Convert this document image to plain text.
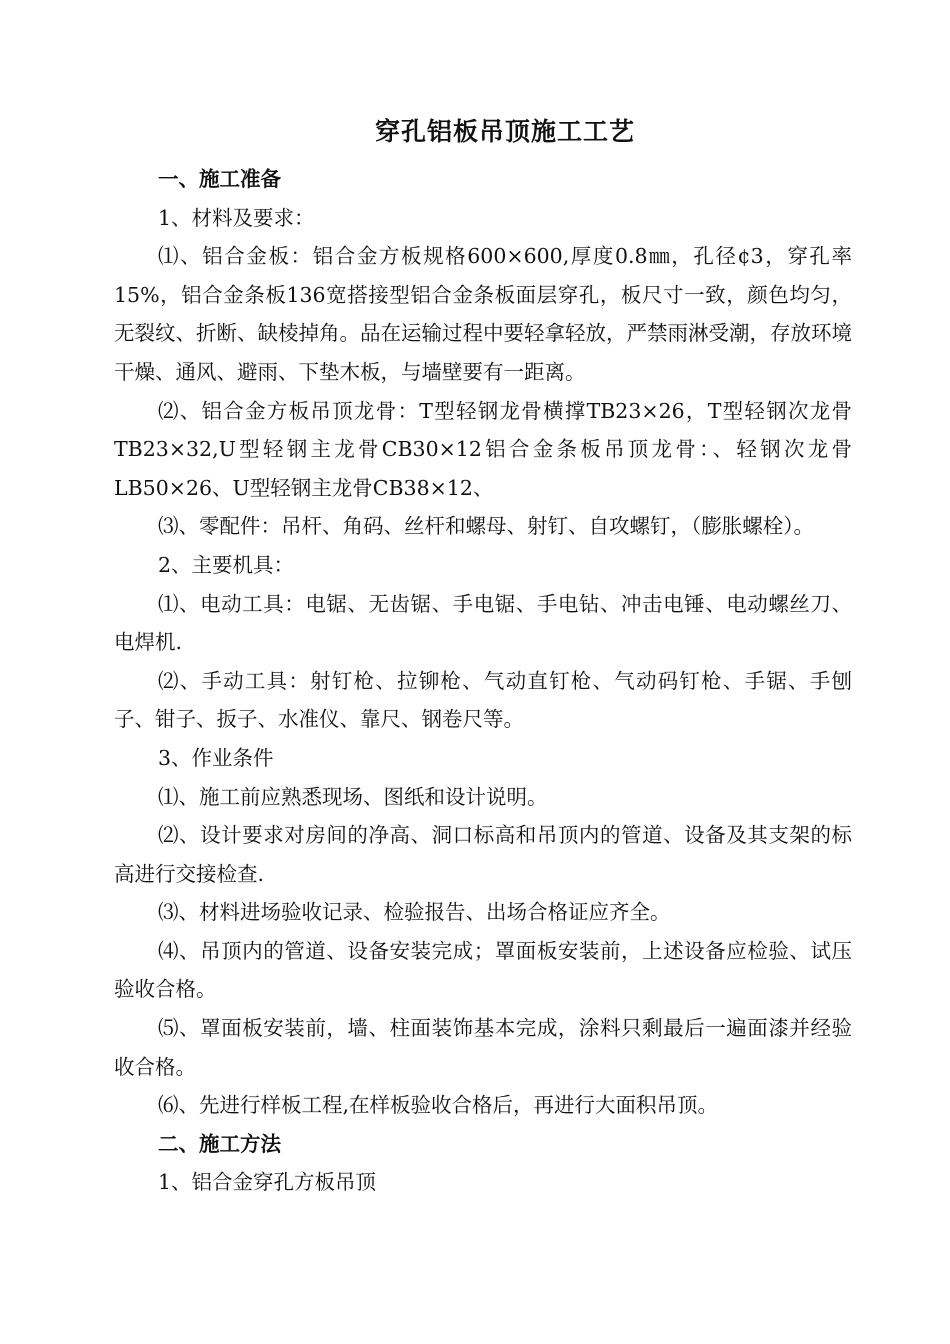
穿孔铝板吊顶施工工艺

一、施工准备

1、材料及要求：

⑴、铝合金板：铝合金方板规格600×600,厚度0.8㎜，孔径¢3，穿孔率15%，铝合金条板136宽搭接型铝合金条板面层穿孔，板尺寸一致，颜色均匀，无裂纹、折断、缺棱掉角。品在运输过程中要轻拿轻放，严禁雨淋受潮，存放环境干燥、通风、避雨、下垫木板，与墙壁要有一距离。

⑵、铝合金方板吊顶龙骨：T型轻钢龙骨横撑TB23×26，T型轻钢次龙骨TB23×32,U型轻钢主龙骨CB30×12铝合金条板吊顶龙骨：、轻钢次龙骨LB50×26、U型轻钢主龙骨CB38×12、

⑶、零配件：吊杆、角码、丝杆和螺母、射钉、自攻螺钉，（膨胀螺栓）。

2、主要机具：

⑴、电动工具：电锯、无齿锯、手电锯、手电钻、冲击电锤、电动螺丝刀、电焊机.

⑵、手动工具：射钉枪、拉铆枪、气动直钉枪、气动码钉枪、手锯、手刨子、钳子、扳子、水准仪、靠尺、钢卷尺等。

3、作业条件

⑴、施工前应熟悉现场、图纸和设计说明。

⑵、设计要求对房间的净高、洞口标高和吊顶内的管道、设备及其支架的标高进行交接检查.

⑶、材料进场验收记录、检验报告、出场合格证应齐全。

⑷、吊顶内的管道、设备安装完成；罩面板安装前，上述设备应检验、试压验收合格。

⑸、罩面板安装前，墙、柱面装饰基本完成，涂料只剩最后一遍面漆并经验收合格。

⑹、先进行样板工程,在样板验收合格后，再进行大面积吊顶。

二、施工方法

1、铝合金穿孔方板吊顶
